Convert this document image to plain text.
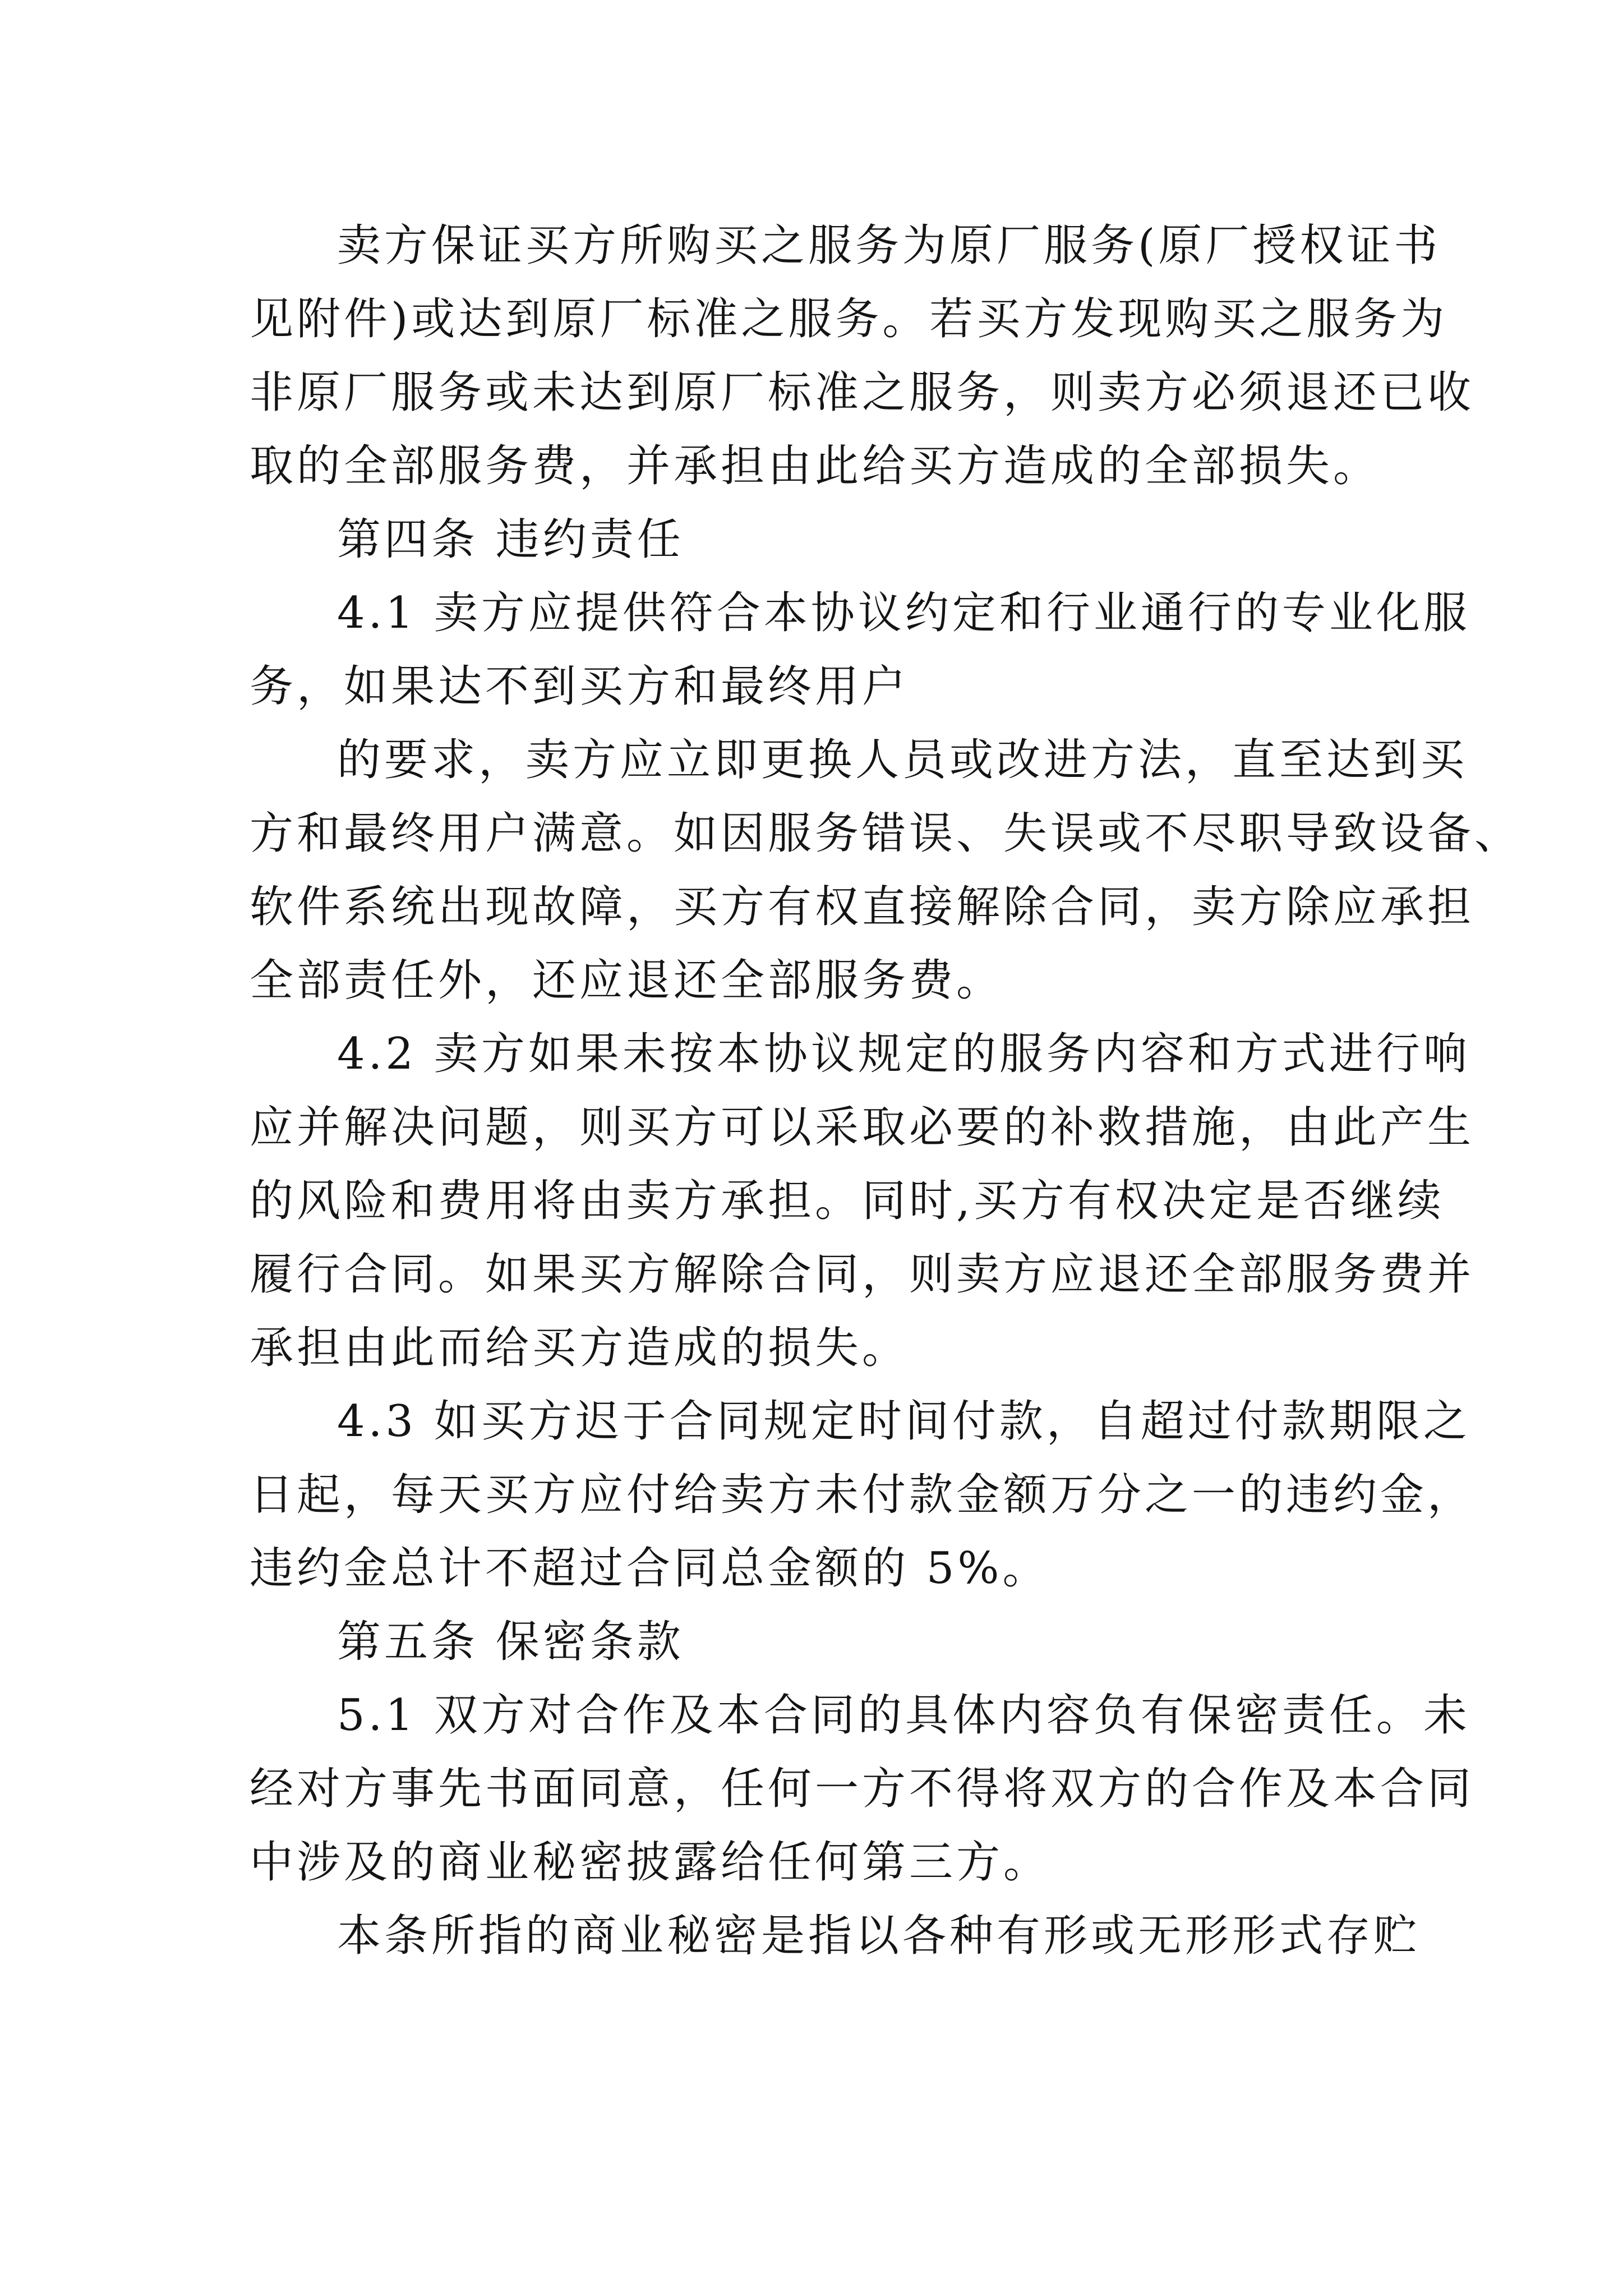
卖方保证买方所购买之服务为原厂服务(原厂授权证书
见附件)或达到原厂标准之服务。若买方发现购买之服务为
非原厂服务或未达到原厂标准之服务，则卖方必须退还已收
取的全部服务费，并承担由此给买方造成的全部损失。
第四条 违约责任
4.1 卖方应提供符合本协议约定和行业通行的专业化服
务，如果达不到买方和最终用户
的要求，卖方应立即更换人员或改进方法，直至达到买
方和最终用户满意。如因服务错误、失误或不尽职导致设备、
软件系统出现故障，买方有权直接解除合同，卖方除应承担
全部责任外，还应退还全部服务费。
4.2 卖方如果未按本协议规定的服务内容和方式进行响
应并解决问题，则买方可以采取必要的补救措施，由此产生
的风险和费用将由卖方承担。同时,买方有权决定是否继续
履行合同。如果买方解除合同，则卖方应退还全部服务费并
承担由此而给买方造成的损失。
4.3 如买方迟于合同规定时间付款，自超过付款期限之
日起，每天买方应付给卖方未付款金额万分之一的违约金，
违约金总计不超过合同总金额的 5%。
第五条 保密条款
5.1 双方对合作及本合同的具体内容负有保密责任。未
经对方事先书面同意，任何一方不得将双方的合作及本合同
中涉及的商业秘密披露给任何第三方。
本条所指的商业秘密是指以各种有形或无形形式存贮
